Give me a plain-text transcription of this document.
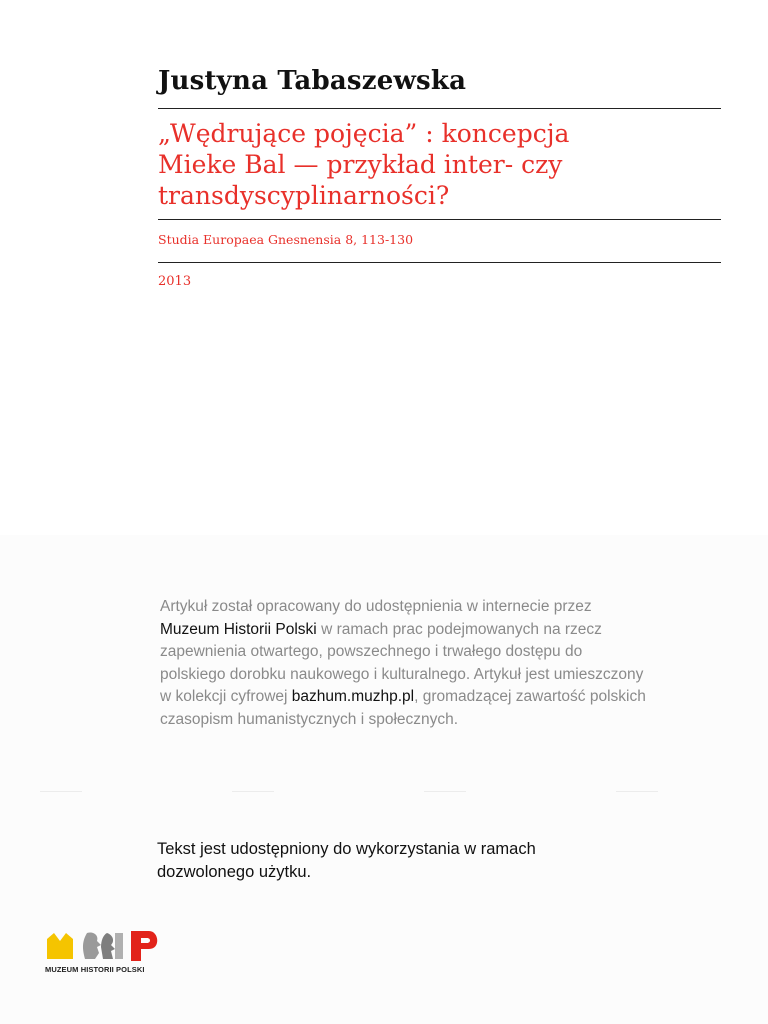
Justyna Tabaszewska
„Wędrujące pojęcia” : koncepcja
Mieke Bal — przykład inter- czy
transdyscyplinarności?
Studia Europaea Gnesnensia 8, 113-130
2013
Artykuł został opracowany do udostępnienia w internecie przez
Muzeum Historii Polski w ramach prac podejmowanych na rzecz
zapewnienia otwartego, powszechnego i trwałego dostępu do
polskiego dorobku naukowego i kulturalnego. Artykuł jest umieszczony
w kolekcji cyfrowej bazhum.muzhp.pl, gromadzącej zawartość polskich
czasopism humanistycznych i społecznych.
Tekst jest udostępniony do wykorzystania w ramach
dozwolonego użytku.
MUZEUM HISTORII POLSKI
